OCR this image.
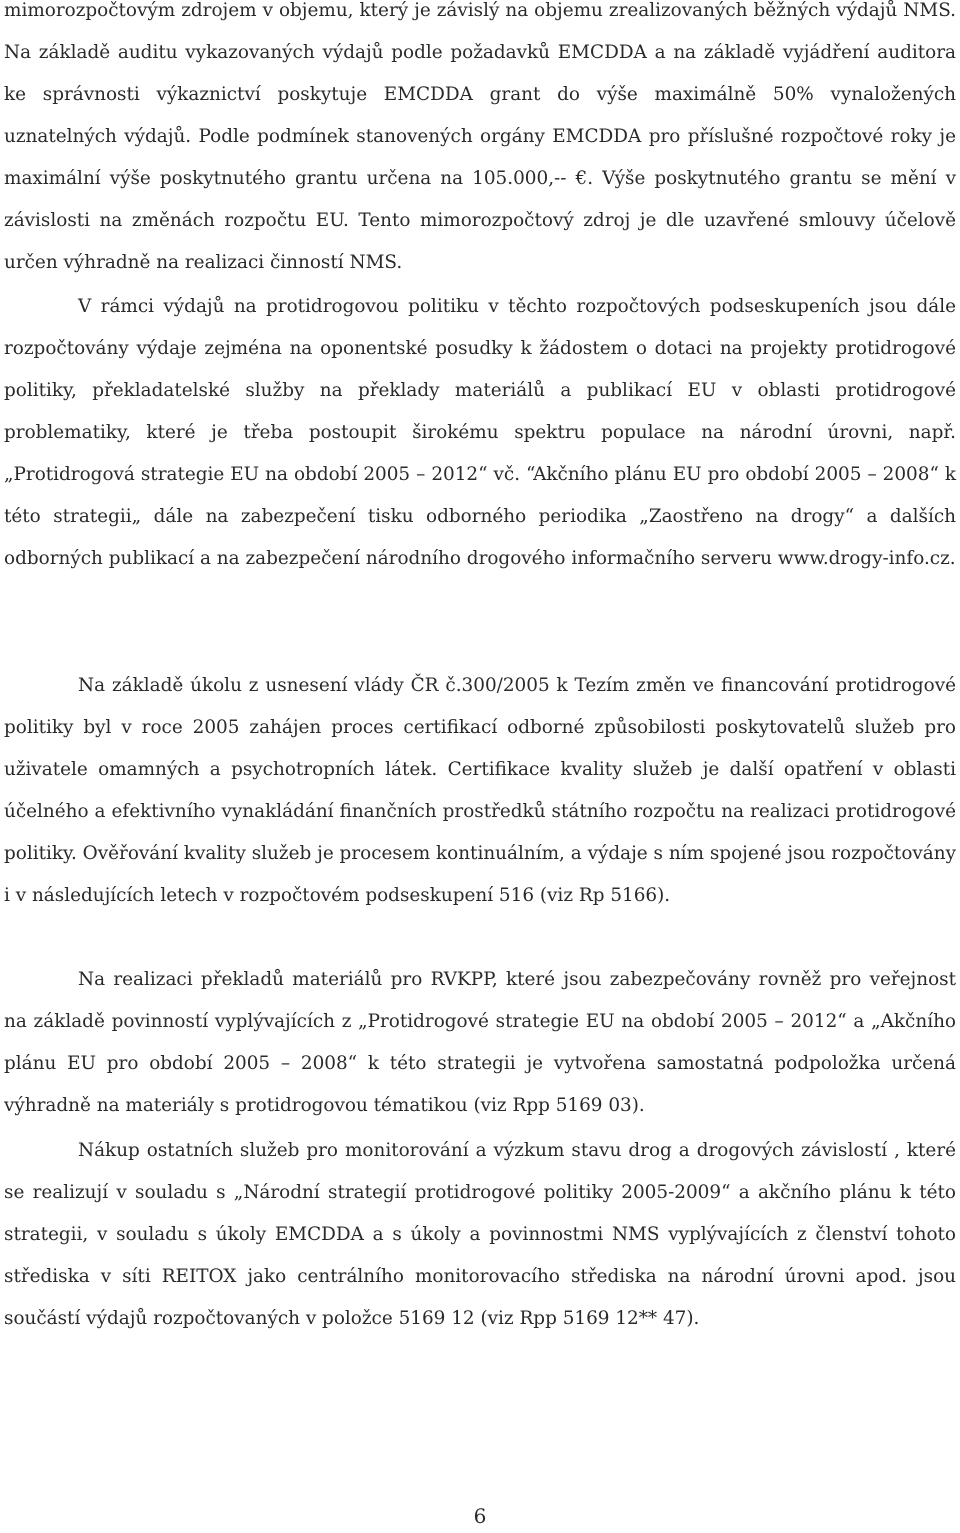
mimorozpočtovým zdrojem v objemu, který je závislý na objemu zrealizovaných běžných výdajů NMS. Na základě auditu vykazovaných výdajů podle požadavků EMCDDA a na základě vyjádření auditora ke správnosti výkaznictví poskytuje EMCDDA grant do výše maximálně 50% vynaložených uznatelných výdajů. Podle podmínek stanovených orgány EMCDDA pro příslušné rozpočtové roky je maximální výše poskytnutého grantu určena na 105.000,-- €. Výše poskytnutého grantu se mění v závislosti na změnách rozpočtu EU. Tento mimorozpočtový zdroj je dle uzavřené smlouvy účelově určen výhradně na realizaci činností NMS.

V rámci výdajů na protidrogovou politiku v těchto rozpočtových podseskupeních jsou dále rozpočtovány výdaje zejména na oponentské posudky k žádostem o dotaci na projekty protidrogové politiky, překladatelské služby na překlady materiálů a publikací EU v oblasti protidrogové problematiky, které je třeba postoupit širokému spektru populace na národní úrovni, např. „Protidrogová strategie EU na období 2005 – 2012“ vč. “Akčního plánu EU pro období 2005 – 2008“ k této strategii„ dále na zabezpečení tisku odborného periodika „Zaostřeno na drogy“ a dalších odborných publikací a na zabezpečení národního drogového informačního serveru www.drogy-info.cz.

Na základě úkolu z usnesení vlády ČR č.300/2005 k Tezím změn ve financování protidrogové politiky byl v roce 2005 zahájen proces certifikací odborné způsobilosti poskytovatelů služeb pro uživatele omamných a psychotropních látek. Certifikace kvality služeb je další opatření v oblasti účelného a efektivního vynakládání finančních prostředků státního rozpočtu na realizaci protidrogové politiky. Ověřování kvality služeb je procesem kontinuálním, a výdaje s ním spojené jsou rozpočtovány i v následujících letech v rozpočtovém podseskupení 516 (viz Rp 5166).

Na realizaci překladů materiálů pro RVKPP, které jsou zabezpečovány rovněž pro veřejnost na základě povinností vyplývajících z „Protidrogové strategie EU na období 2005 – 2012“ a „Akčního plánu EU pro období 2005 – 2008“ k této strategii je vytvořena samostatná podpoložka určená výhradně na materiály s protidrogovou tématikou (viz Rpp 5169 03).

Nákup ostatních služeb pro monitorování a výzkum stavu drog a drogových závislostí , které se realizují v souladu s „Národní strategií protidrogové politiky 2005-2009“ a akčního plánu k této strategii, v souladu s úkoly EMCDDA a s úkoly a povinnostmi NMS vyplývajících z členství tohoto střediska v síti REITOX jako centrálního monitorovacího střediska na národní úrovni apod. jsou součástí výdajů rozpočtovaných v položce 5169 12 (viz Rpp 5169 12** 47).

6
